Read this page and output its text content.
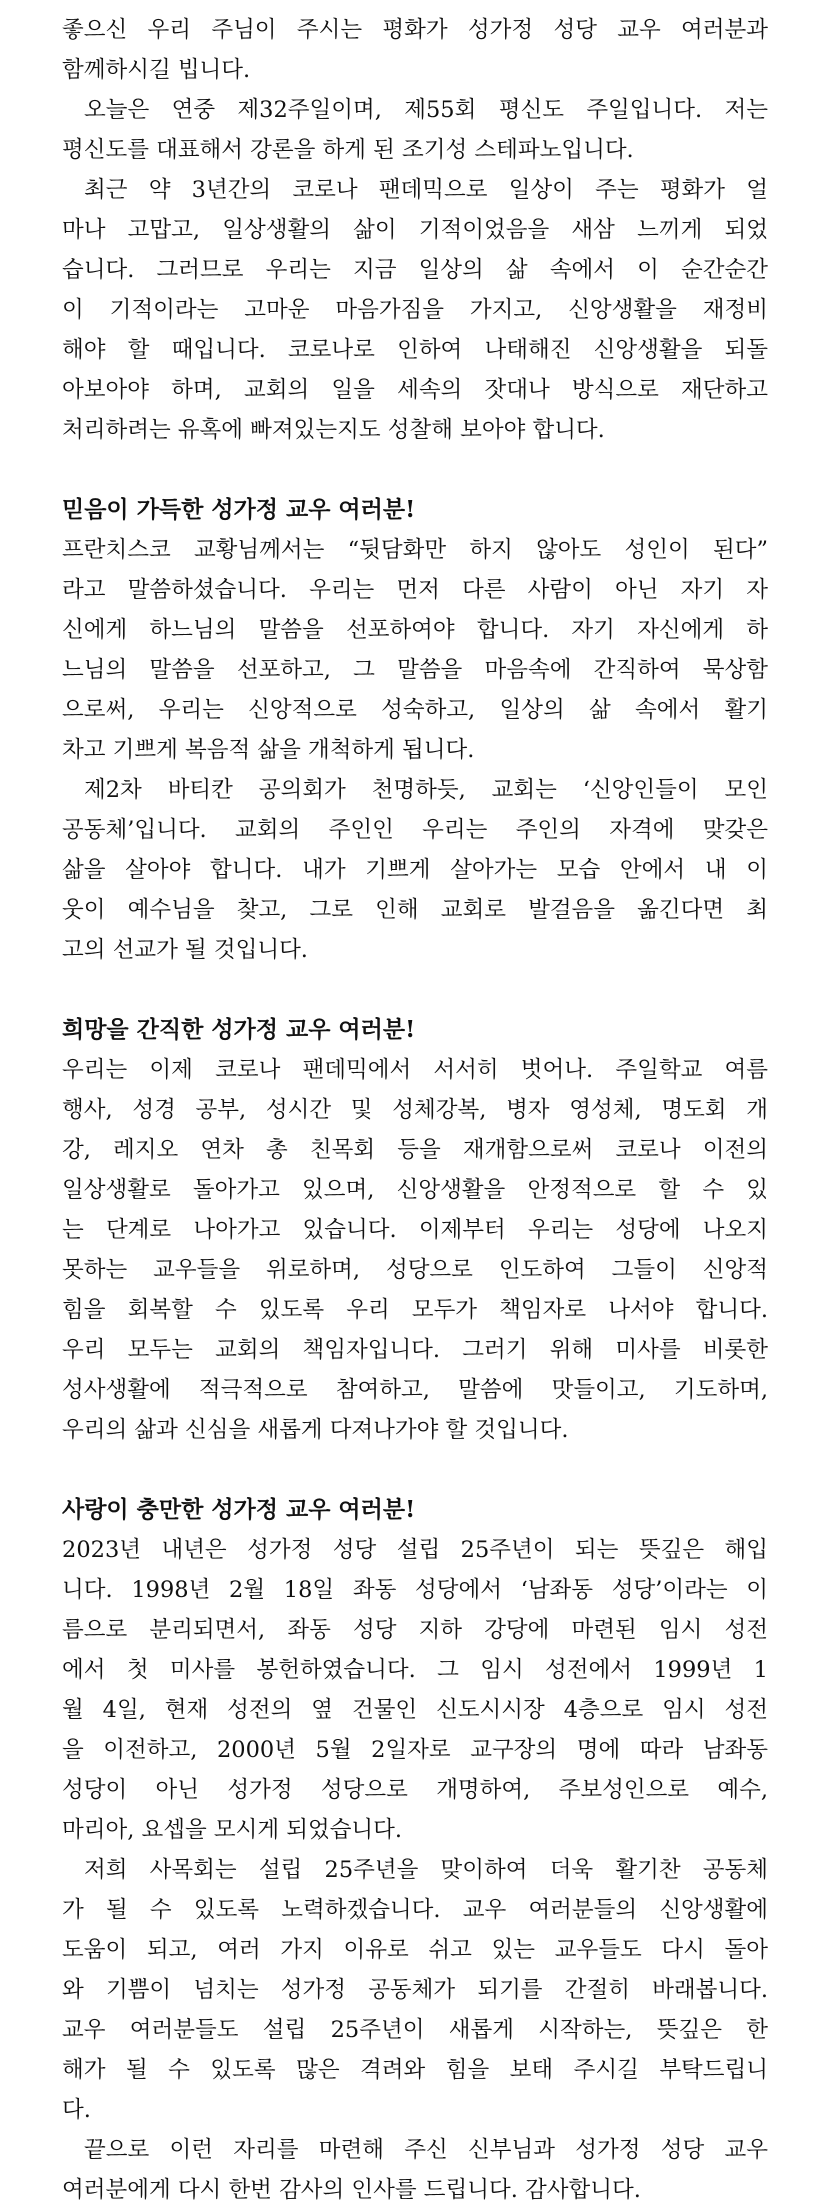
좋으신 우리 주님이 주시는 평화가 성가정 성당 교우 여러분과
함께하시길 빕니다.
오늘은 연중 제32주일이며, 제55회 평신도 주일입니다. 저는
평신도를 대표해서 강론을 하게 된 조기성 스테파노입니다.
최근 약 3년간의 코로나 팬데믹으로 일상이 주는 평화가 얼
마나 고맙고, 일상생활의 삶이 기적이었음을 새삼 느끼게 되었
습니다. 그러므로 우리는 지금 일상의 삶 속에서 이 순간순간
이 기적이라는 고마운 마음가짐을 가지고, 신앙생활을 재정비
해야 할 때입니다. 코로나로 인하여 나태해진 신앙생활을 되돌
아보아야 하며, 교회의 일을 세속의 잣대나 방식으로 재단하고
처리하려는 유혹에 빠져있는지도 성찰해 보아야 합니다.
믿음이 가득한 성가정 교우 여러분!
프란치스코 교황님께서는 “뒷담화만 하지 않아도 성인이 된다”
라고 말씀하셨습니다. 우리는 먼저 다른 사람이 아닌 자기 자
신에게 하느님의 말씀을 선포하여야 합니다. 자기 자신에게 하
느님의 말씀을 선포하고, 그 말씀을 마음속에 간직하여 묵상함
으로써, 우리는 신앙적으로 성숙하고, 일상의 삶 속에서 활기
차고 기쁘게 복음적 삶을 개척하게 됩니다.
제2차 바티칸 공의회가 천명하듯, 교회는 ‘신앙인들이 모인
공동체’입니다. 교회의 주인인 우리는 주인의 자격에 맞갖은
삶을 살아야 합니다. 내가 기쁘게 살아가는 모습 안에서 내 이
웃이 예수님을 찾고, 그로 인해 교회로 발걸음을 옮긴다면 최
고의 선교가 될 것입니다.
희망을 간직한 성가정 교우 여러분!
우리는 이제 코로나 팬데믹에서 서서히 벗어나. 주일학교 여름
행사, 성경 공부, 성시간 및 성체강복, 병자 영성체, 명도회 개
강, 레지오 연차 총 친목회 등을 재개함으로써 코로나 이전의
일상생활로 돌아가고 있으며, 신앙생활을 안정적으로 할 수 있
는 단계로 나아가고 있습니다. 이제부터 우리는 성당에 나오지
못하는 교우들을 위로하며, 성당으로 인도하여 그들이 신앙적
힘을 회복할 수 있도록 우리 모두가 책임자로 나서야 합니다.
우리 모두는 교회의 책임자입니다. 그러기 위해 미사를 비롯한
성사생활에 적극적으로 참여하고, 말씀에 맛들이고, 기도하며,
우리의 삶과 신심을 새롭게 다져나가야 할 것입니다.
사랑이 충만한 성가정 교우 여러분!
2023년 내년은 성가정 성당 설립 25주년이 되는 뜻깊은 해입
니다. 1998년 2월 18일 좌동 성당에서 ‘남좌동 성당’이라는 이
름으로 분리되면서, 좌동 성당 지하 강당에 마련된 임시 성전
에서 첫 미사를 봉헌하였습니다. 그 임시 성전에서 1999년 1
월 4일, 현재 성전의 옆 건물인 신도시시장 4층으로 임시 성전
을 이전하고, 2000년 5월 2일자로 교구장의 명에 따라 남좌동
성당이 아닌 성가정 성당으로 개명하여, 주보성인으로 예수,
마리아, 요셉을 모시게 되었습니다.
저희 사목회는 설립 25주년을 맞이하여 더욱 활기찬 공동체
가 될 수 있도록 노력하겠습니다. 교우 여러분들의 신앙생활에
도움이 되고, 여러 가지 이유로 쉬고 있는 교우들도 다시 돌아
와 기쁨이 넘치는 성가정 공동체가 되기를 간절히 바래봅니다.
교우 여러분들도 설립 25주년이 새롭게 시작하는, 뜻깊은 한
해가 될 수 있도록 많은 격려와 힘을 보태 주시길 부탁드립니
다.
끝으로 이런 자리를 마련해 주신 신부님과 성가정 성당 교우
여러분에게 다시 한번 감사의 인사를 드립니다. 감사합니다.
